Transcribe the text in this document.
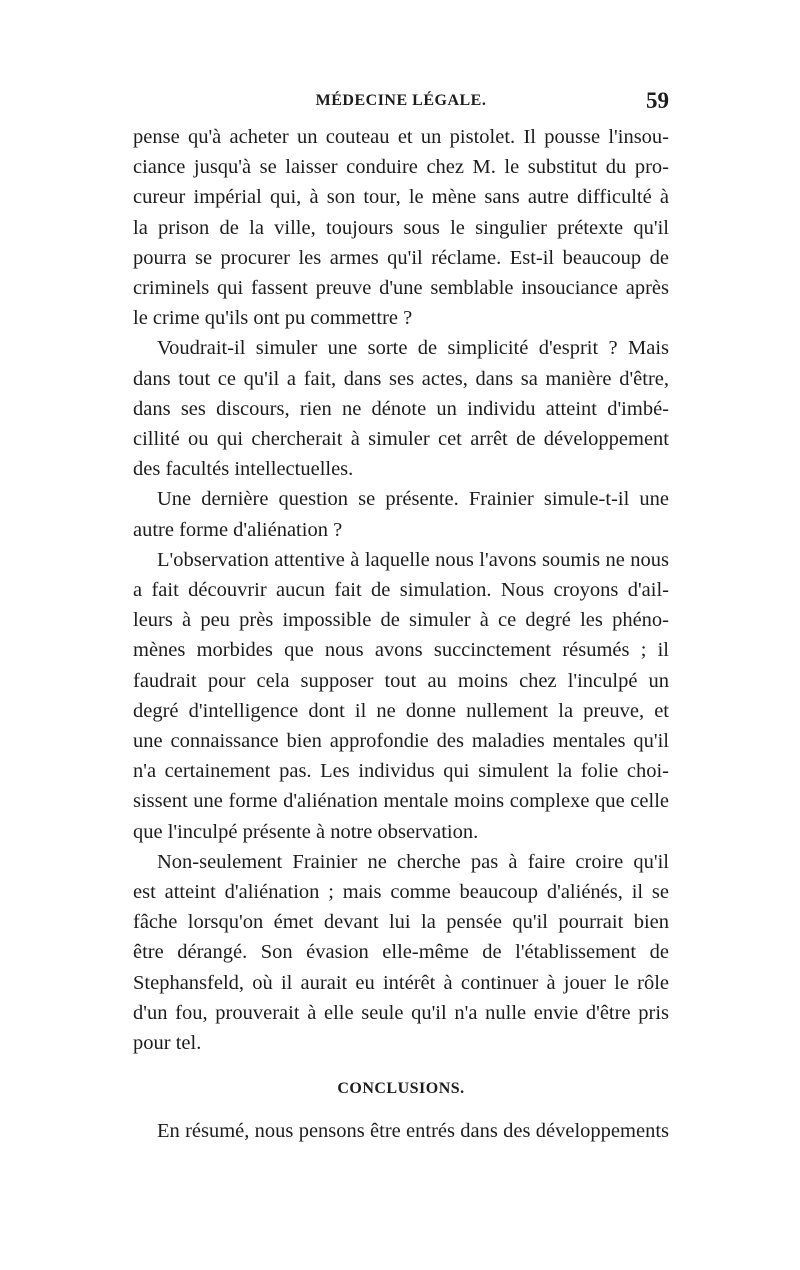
MÉDECINE LÉGALE.	59

pense qu'à acheter un couteau et un pistolet. Il pousse l'insou-
ciance jusqu'à se laisser conduire chez M. le substitut du pro-
cureur impérial qui, à son tour, le mène sans autre difficulté à
la prison de la ville, toujours sous le singulier prétexte qu'il
pourra se procurer les armes qu'il réclame. Est-il beaucoup de
criminels qui fassent preuve d'une semblable insouciance après
le crime qu'ils ont pu commettre ?

Voudrait-il simuler une sorte de simplicité d'esprit ? Mais
dans tout ce qu'il a fait, dans ses actes, dans sa manière d'être,
dans ses discours, rien ne dénote un individu atteint d'imbé-
cillité ou qui chercherait à simuler cet arrêt de développement
des facultés intellectuelles.

Une dernière question se présente. Frainier simule-t-il une
autre forme d'aliénation ?

L'observation attentive à laquelle nous l'avons soumis ne nous
a fait découvrir aucun fait de simulation. Nous croyons d'ail-
leurs à peu près impossible de simuler à ce degré les phéno-
mènes morbides que nous avons succinctement résumés ; il
faudrait pour cela supposer tout au moins chez l'inculpé un
degré d'intelligence dont il ne donne nullement la preuve, et
une connaissance bien approfondie des maladies mentales qu'il
n'a certainement pas. Les individus qui simulent la folie choi-
sissent une forme d'aliénation mentale moins complexe que celle
que l'inculpé présente à notre observation.

Non-seulement Frainier ne cherche pas à faire croire qu'il
est atteint d'aliénation ; mais comme beaucoup d'aliénés, il se
fâche lorsqu'on émet devant lui la pensée qu'il pourrait bien
être dérangé. Son évasion elle-même de l'établissement de
Stephansfeld, où il aurait eu intérêt à continuer à jouer le rôle
d'un fou, prouverait à elle seule qu'il n'a nulle envie d'être pris
pour tel.

CONCLUSIONS.

En résumé, nous pensons être entrés dans des développements
